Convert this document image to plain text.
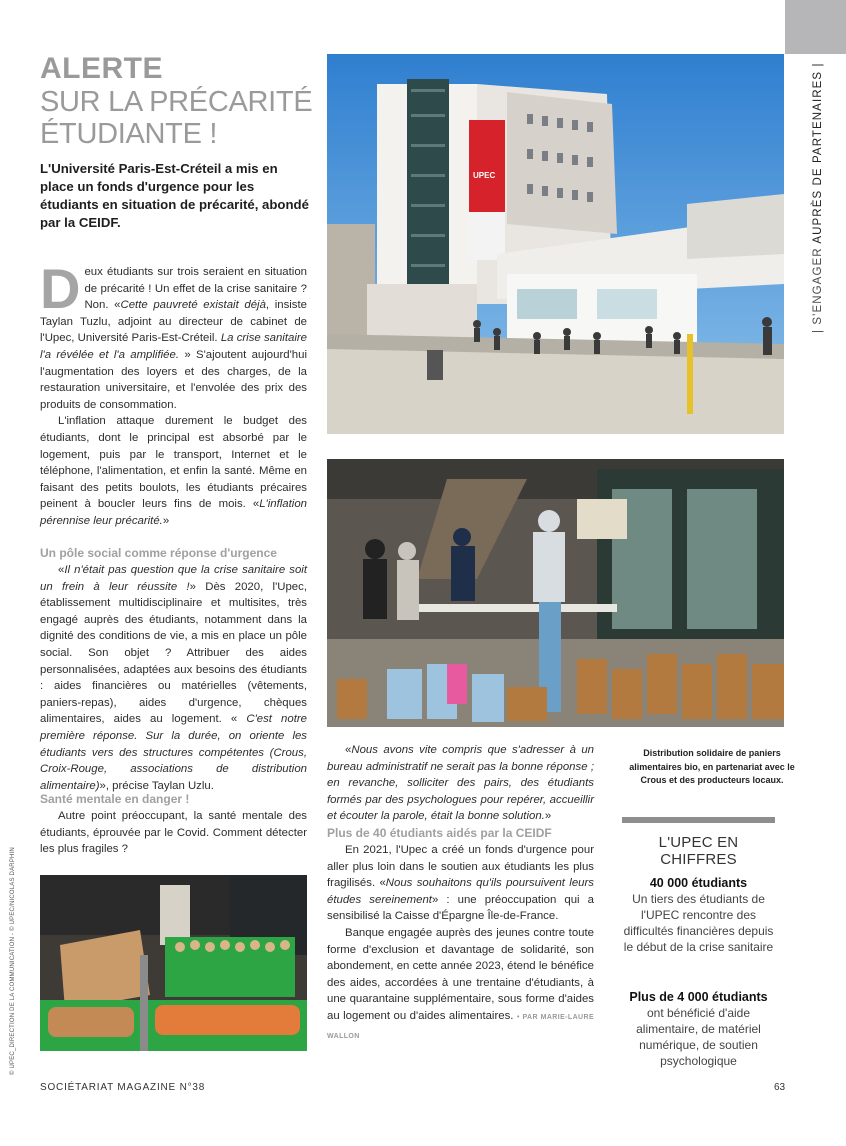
| S'ENGAGER AUPRÈS DE PARTENAIRES |
© UPEC_DIRECTION DE LA COMMUNICATION - © UPEC/NICOLAS DARPHIN
ALERTE
SUR LA PRÉCARITÉ ÉTUDIANTE !
L'Université Paris-Est-Créteil a mis en place un fonds d'urgence pour les étudiants en situation de précarité, abondé par la CEIDF.

Deux étudiants sur trois seraient en situation de précarité ! Un effet de la crise sanitaire ? Non. «Cette pauvreté existait déjà, insiste Taylan Tuzlu, adjoint au directeur de cabinet de l'Upec, Université Paris-Est-Créteil. La crise sanitaire l'a révélée et l'a amplifiée. » S'ajoutent aujourd'hui l'augmentation des loyers et des charges, de la restauration universitaire, et l'envolée des prix des produits de consommation.

L'inflation attaque durement le budget des étudiants, dont le principal est absorbé par le logement, puis par le transport, Internet et le téléphone, l'alimentation, et enfin la santé. Même en faisant des petits boulots, les étudiants précaires peinent à boucler leurs fins de mois. «L'inflation pérennise leur précarité.»

Un pôle social comme réponse d'urgence

«Il n'était pas question que la crise sanitaire soit un frein à leur réussite !» Dès 2020, l'Upec, établissement multidisciplinaire et multisites, très engagé auprès des étudiants, notamment dans la dignité des conditions de vie, a mis en place un pôle social. Son objet ? Attribuer des aides personnalisées, adaptées aux besoins des étudiants : aides financières ou matérielles (vêtements, paniers-repas), aides d'urgence, chèques alimentaires, aides au logement. « C'est notre première réponse. Sur la durée, on oriente les étudiants vers des structures compétentes (Crous, Croix-Rouge, associations de distribution alimentaire)», précise Taylan Uzlu.

Santé mentale en danger !

Autre point préoccupant, la santé mentale des étudiants, éprouvée par le Covid. Comment détecter les plus fragiles ?

«Nous avons vite compris que s'adresser à un bureau administratif ne serait pas la bonne réponse ; en revanche, solliciter des pairs, des étudiants formés par des psychologues pour repérer, accueillir et écouter la parole, était la bonne solution.»

Plus de 40 étudiants aidés par la CEIDF

En 2021, l'Upec a créé un fonds d'urgence pour aller plus loin dans le soutien aux étudiants les plus fragilisés. «Nous souhaitons qu'ils poursuivent leurs études sereinement» : une préoccupation qui a sensibilisé la Caisse d'Épargne Île-de-France.

Banque engagée auprès des jeunes contre toute forme d'exclusion et davantage de solidarité, son abondement, en cette année 2023, étend le bénéfice des aides, accordées à une trentaine d'étudiants, à une quarantaine supplémentaire, sous forme d'aides au logement ou d'aides alimentaires. • PAR MARIE-LAURE WALLON

UPEC
Distribution solidaire de paniers alimentaires bio, en partenariat avec le Crous et des producteurs locaux.
L'UPEC EN CHIFFRES
40 000 étudiants
Un tiers des étudiants de l'UPEC rencontre des difficultés financières depuis le début de la crise sanitaire
Plus de 4 000 étudiants
ont bénéficié d'aide alimentaire, de matériel numérique, de soutien psychologique
SOCIÉTARIAT MAGAZINE N°38	63
